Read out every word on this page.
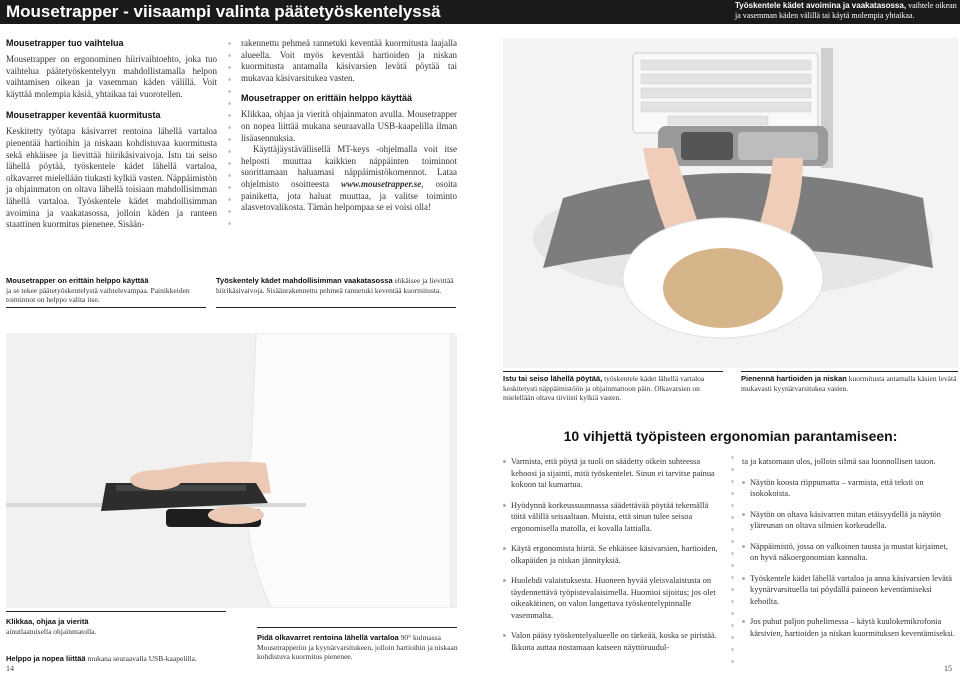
Mousetrapper - viisaampi valinta päätetyöskentelyssä	Työskentele kädet avoimina ja vaakatasossa, vaihtele oikean ja vasemman käden välillä tai käytä molempia yhtaikaa.
Mousetrapper tuo vaihtelua
Mousetrapper on ergonominen hiirivaihtoehto, joka tuo vaihtelua päätetyöskentelyyn mahdollistamalla helpon vaihtamisen oikean ja vasemman käden välillä. Voit käyttää molempia käsiä, yhtaikaa tai vuorotellen.
Mousetrapper keventää kuormitusta
Keskitetty työtapa käsivarret rentoina lähellä vartaloa pienentää hartioihin ja niskaan kohdistuvaa kuormitusta sekä ehkäisee ja lievittää hiirikäsivaivoja. Istu tai seiso lähellä pöytää, työskentele kädet lähellä vartaloa, olkavarret mielellään tiukasti kylkiä vasten. Näppäimistön ja ohjainmaton on oltava lähellä toisiaan mahdollisimman lähellä vartaloa. Työskentele kädet mahdollisimman avoimina ja vaakatasossa, jolloin käden ja ranteen staattinen kuormitus pienenee. Sisään-
rakennettu pehmeä rannetuki keventää kuormitusta laajalla alueella. Voit myös keventää hartioiden ja niskan kuormitusta antamalla käsivarsien levätä pöytää tai mukavaa käsivarsitukea vasten.
Mousetrapper on erittäin helppo käyttää
Klikkaa, ohjaa ja vieritä ohjainmaton avulla. Mousetrapper on nopea liittää mukana seuraavalla USB-kaapelilla ilman lisäasennuksia.
Käyttäjäystävällisellä MT-keys -ohjelmalla voit itse helposti muuttaa kaikkien näppäinten toiminnot suorittamaan haluamasi näppäimistökomennot. Lataa ohjelmisto osoitteesta www.mousetrapper.se, osoita painiketta, jota haluat muuttaa, ja valitse toiminto alasvetovalikosta. Tämän helpompaa se ei voisi olla!
Mousetrapper on erittäin helppo käyttää
ja se tekee päätetyöskentelystä vaihtelevampaa. Painikkeiden toiminnot on helppo valita itse.
Työskentely kädet mahdollisimman vaakatasossa ehkäisee ja lievittää hiirikäsivaivoja. Sisäänrakennettu pehmeä rannetuki keventää kuormitusta.
Klikkaa, ohjaa ja vieritä
ainutlaatuisella ohjainmatolla.
Helppo ja nopea liittää mukana seuraavalla USB-kaapelilla.
Pidä olkavarret rentoina lähellä vartaloa 90° kulmassa Mousetrapperiin ja kyynärvarsitukeen, jolloin hartioihin ja niskaan kohdistuva kuormitus pienenee.
14	15
Istu tai seiso lähellä pöytää, työskentele kädet lähellä vartaloa keskitetysti näppäimistöön ja ohjainmattoon päin. Olkavarsien on mielellään oltava tiiviisti kylkiä vasten.
Pienennä hartioiden ja niskan kuormitusta antamalla käsien levätä mukavasti kyynärvarsitukea vasten.
10 vihjettä työpisteen ergonomian parantamiseen:
Varmista, että pöytä ja tuoli on säädetty oikein suhteessa kehoosi ja sijainti, mitä työskentelet. Sinun ei tarvitse painua kokoon tai kumartua.
Hyödynnä korkeussuunnassa säädettävää pöytää tekemällä töitä välillä seisaaltaan. Muista, että sinun tulee seisoa ergonomisella matolla, ei kovalla lattialla.
Käytä ergonomista hiirtä. Se ehkäisee käsivarsien, hartioiden, olkapäiden ja niskan jännityksiä.
Huolehdi valaistuksesta. Huoneen hyvää yleisvalaistusta on täydennettävä työpistevalaisimella. Huomioi sijoitus; jos olet oikeakätinen, on valon langettava työskentelypinnalle vasemmalta.
Valon pääsy työskentelyalueelle on tärkeää, koska se piristää. Ikkuna auttaa nostamaan katseen näyttöruudul-
ta ja katsomaan ulos, jolloin silmä saa luonnollisen tauon.
Näytön koosta riippumatta – varmista, että teksti on isokokoista.
Näytön on oltava käsivarren mitan etäisyydellä ja näytön yläreunan on oltava silmien korkeudella.
Näppäimistö, jossa on valkoinen tausta ja mustat kirjaimet, on hyvä näkoergonomian kannalta.
Työskentele kädet lähellä vartaloa ja anna käsivarsien levätä kyynärvarsituella tai pöydällä paineon keventämiseksi kehoilta.
Jos puhut paljon puhelimessa – käytä kuulokemikrofonia kärsivien, hartioiden ja niskan kuormituksen keventämiseksi.
